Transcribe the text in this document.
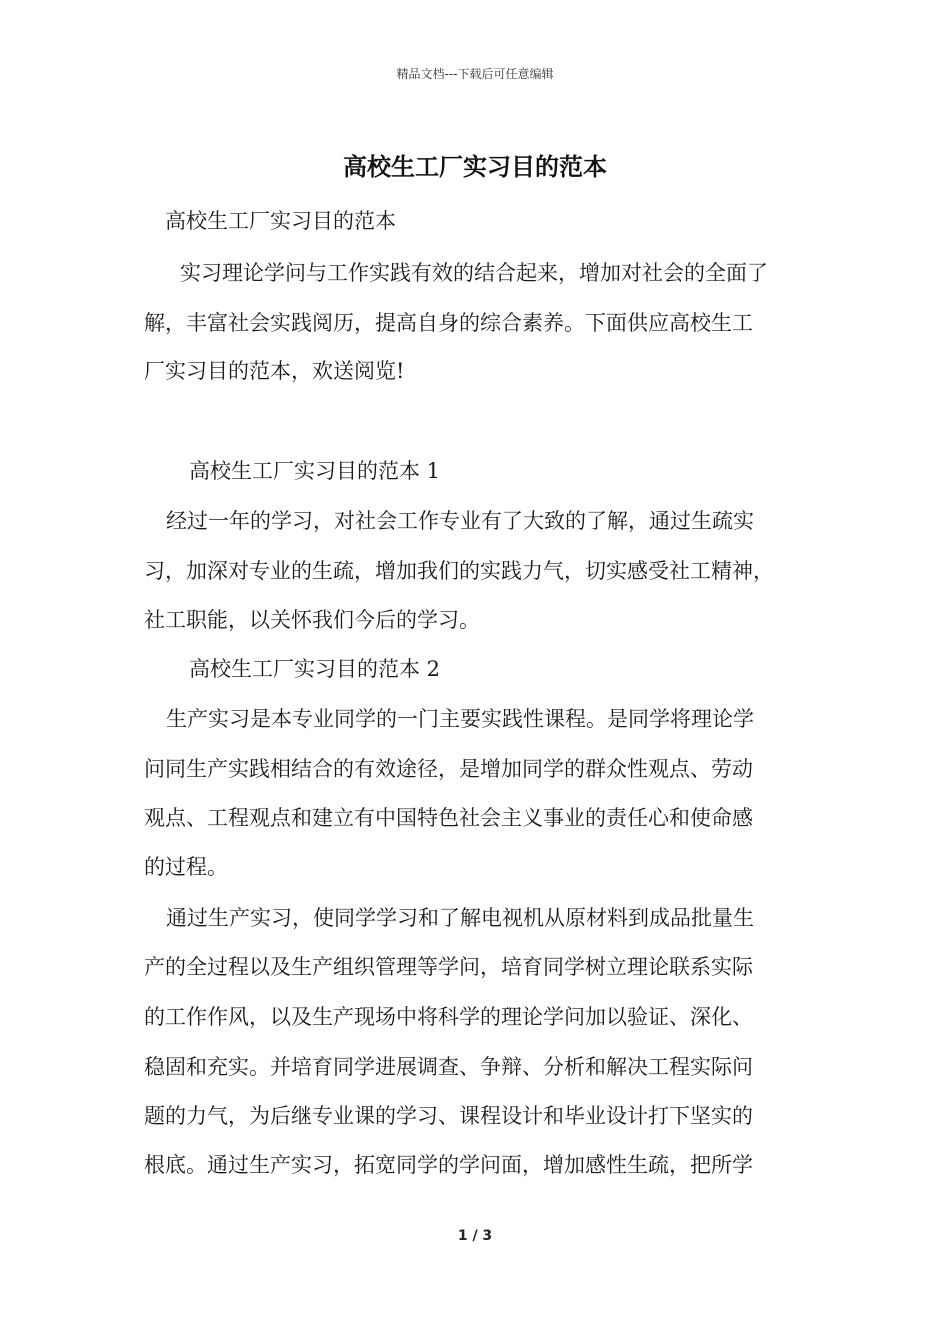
精品文档---下载后可任意编辑
高校生工厂实习目的范本
高校生工厂实习目的范本
实习理论学问与工作实践有效的结合起来，增加对社会的全面了
解，丰富社会实践阅历，提高自身的综合素养。下面供应高校生工
厂实习目的范本，欢送阅览!
高校生工厂实习目的范本 1
经过一年的学习，对社会工作专业有了大致的了解，通过生疏实
习，加深对专业的生疏，增加我们的实践力气，切实感受社工精神，
社工职能，以关怀我们今后的学习。
高校生工厂实习目的范本 2
生产实习是本专业同学的一门主要实践性课程。是同学将理论学
问同生产实践相结合的有效途径，是增加同学的群众性观点、劳动
观点、工程观点和建立有中国特色社会主义事业的责任心和使命感
的过程。
通过生产实习，使同学学习和了解电视机从原材料到成品批量生
产的全过程以及生产组织管理等学问，培育同学树立理论联系实际
的工作作风，以及生产现场中将科学的理论学问加以验证、深化、
稳固和充实。并培育同学进展调查、争辩、分析和解决工程实际问
题的力气，为后继专业课的学习、课程设计和毕业设计打下坚实的
根底。通过生产实习，拓宽同学的学问面，增加感性生疏，把所学
1 / 3
